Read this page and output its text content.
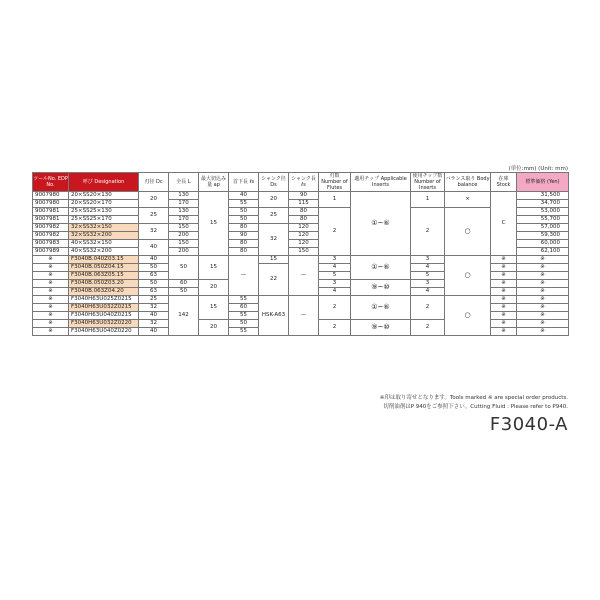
(単位:mm) (Unit: mm)
ツールNo. EDP No.	呼び Designation	刃径 Dc	全長 L	最大切込み量 ap	首下長 ℓs	シャンク径 Ds	シャンク長 ℓs	刃数 Number of Flutes	適用チップ Applicable Inserts	使用チップ数 Number of Inserts	バランス取り Body balance	在庫 Stock	標準価格 (Yen)
9007980	20×SS20×130	20	130	15	40	20	90	1	①~⑥	1	×	C	31,500
9007980	20×SS20×170		170		55		115						34,700
9007981	25×SS25×130	25	130		50	25	80	2		2	○		53,000
9007981	25×SS25×170		170		50		80						55,700
9007982	32×SS32×150	32	150		80	32	120						57,000
9007982	32×SS32×200		200		90		120						59,300
9007983	40×SS32×150	40	150		80		120						60,000
9007989	40×SS32×200		200		80		150						62,100
※	F3040B.040Z03.15	40	50	15	—	15	—	3	①~⑥	3	○	※	※
※	F3040B.050Z04.15	50				22		4		4		※	※
※	F3040B.063Z05.15	63						5		5		※	※
※	F3040B.050Z03.20	50	60	20				3	⑨~⑩	3		※	※
※	F3040B.063Z04.20	63	50					4		4		※	※
※	F3040H63U025Z0215	25	142	15	55	HSK-A63	—	2	①~⑥	2	○	※	※
※	F3040H63U032Z0215	32			60							※	※
※	F3040H63U040Z0215	40			55							※	※
※	F3040H63U032Z0220	32		20	50			2	⑨~⑩	2		※	※
※	F3040H63U040Z0220	40			55							※	※
※印は取り寄せとなります。Tools marked ※ are special order products.
切削油剤はP 940をご参照下さい。Cutting Fluid : Please refer to P940.
F3040-A
